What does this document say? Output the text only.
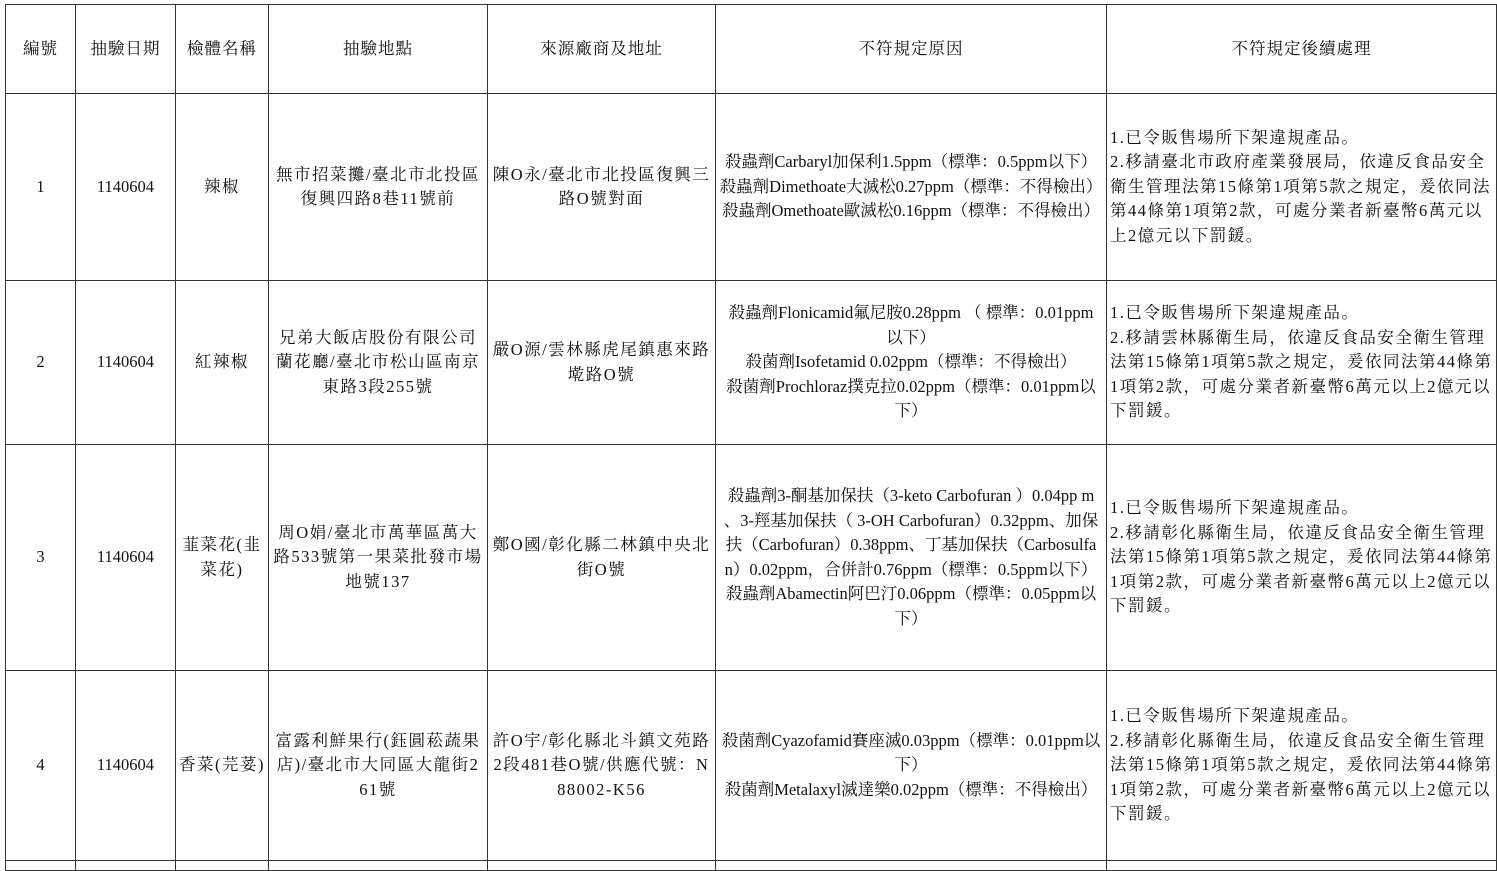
編號	抽驗日期	檢體名稱	抽驗地點	來源廠商及地址	不符規定原因	不符規定後續處理
1	1140604	辣椒	無市招菜攤/臺北市北投區復興四路8巷11號前	陳O永/臺北市北投區復興三路O號對面	殺蟲劑Carbaryl加保利1.5ppm（標準：0.5ppm以下）
殺蟲劑Dimethoate大滅松0.27ppm（標準：不得檢出）
殺蟲劑Omethoate歐滅松0.16ppm（標準：不得檢出）	1.已令販售場所下架違規產品。
2.移請臺北市政府產業發展局，依違反食品安全衛生管理法第15條第1項第5款之規定，爰依同法第44條第1項第2款，可處分業者新臺幣6萬元以上2億元以下罰鍰。

2	1140604	紅辣椒	兄弟大飯店股份有限公司蘭花廳/臺北市松山區南京東路3段255號	嚴O源/雲林縣虎尾鎮惠來路墘路O號	殺蟲劑Flonicamid氟尼胺0.28ppm （ 標準：0.01ppm 以下）
殺菌劑Isofetamid 0.02ppm（標準：不得檢出）
殺菌劑Prochloraz撲克拉0.02ppm（標準：0.01ppm以下）	1.已令販售場所下架違規產品。
2.移請雲林縣衛生局，依違反食品安全衛生管理法第15條第1項第5款之規定，爰依同法第44條第1項第2款，可處分業者新臺幣6萬元以上2億元以下罰鍰。

3	1140604	韮菜花(韭菜花)	周O娟/臺北市萬華區萬大路533號第一果菜批發市場地號137	鄭O國/彰化縣二林鎮中央北街O號	殺蟲劑3-酮基加保扶（3-keto Carbofuran ）0.04pp m 、3-羥基加保扶（ 3-OH Carbofuran）0.32ppm、加保扶（Carbofuran）0.38ppm、丁基加保扶（Carbosulfan）0.02ppm，合併計0.76ppm（標準：0.5ppm以下）
殺蟲劑Abamectin阿巴汀0.06ppm（標準：0.05ppm以下）	1.已令販售場所下架違規產品。
2.移請彰化縣衛生局，依違反食品安全衛生管理法第15條第1項第5款之規定，爰依同法第44條第1項第2款，可處分業者新臺幣6萬元以上2億元以下罰鍰。

4	1140604	香菜(芫荽)	富露利鮮果行(鈺圓菘蔬果店)/臺北市大同區大龍街261號	許O宇/彰化縣北斗鎮文苑路2段481巷O號/供應代號：N88002-K56	殺菌劑Cyazofamid賽座滅0.03ppm（標準：0.01ppm以下）
殺菌劑Metalaxyl滅達樂0.02ppm（標準：不得檢出）	1.已令販售場所下架違規產品。
2.移請彰化縣衛生局，依違反食品安全衛生管理法第15條第1項第5款之規定，爰依同法第44條第1項第2款，可處分業者新臺幣6萬元以上2億元以下罰鍰。
